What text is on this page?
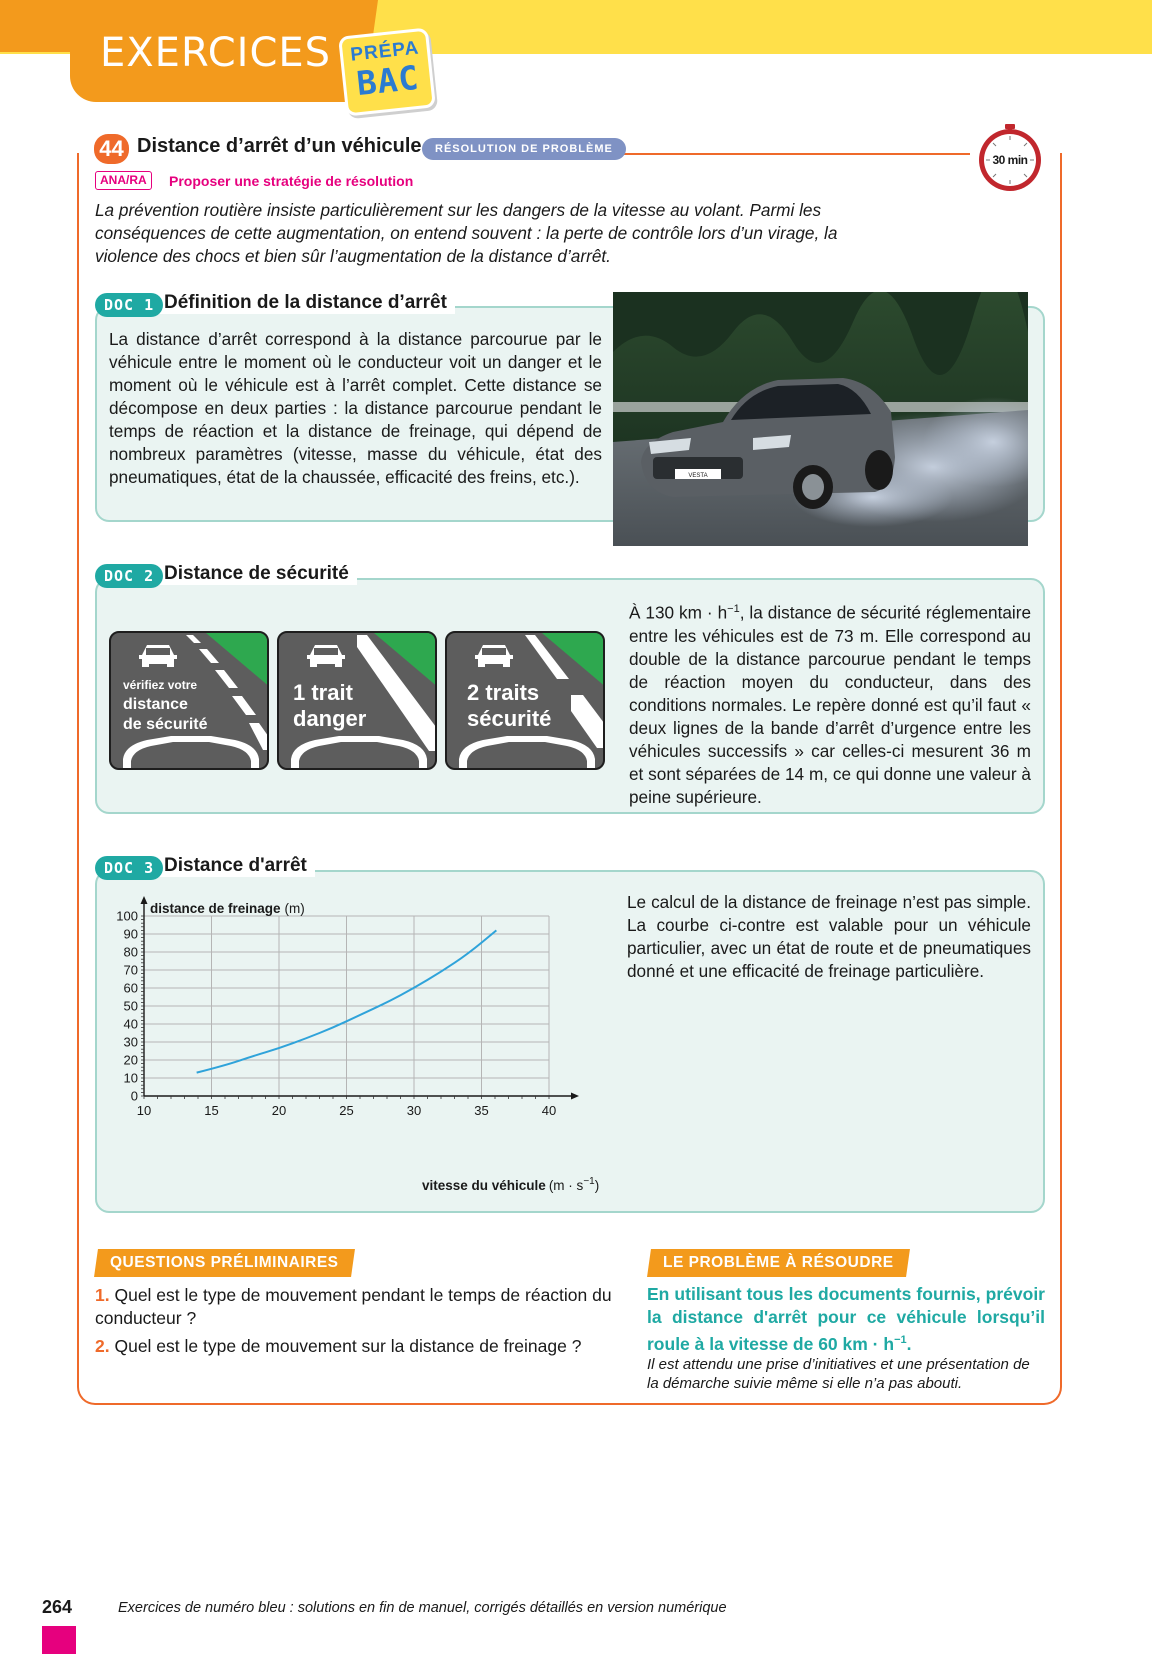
EXERCICES PRÉPA
BAC
44 Distance d’arrêt d’un véhicule	RÉSOLUTION DE PROBLÈME
30 min
ANA/RA	Proposer une stratégie de résolution
La prévention routière insiste particulièrement sur les dangers de la vitesse au volant. Parmi les conséquences de cette augmentation, on entend souvent : la perte de contrôle lors d’un virage, la violence des chocs et bien sûr l’augmentation de la distance d’arrêt.
Définition de la distance d’arrêt
DOC 1
La distance d’arrêt correspond à la distance parcourue par le véhicule entre le moment où le conducteur voit un danger et le moment où le véhicule est à l’arrêt complet. Cette distance se décompose en deux parties : la distance parcourue pendant le temps de réaction et la distance de freinage, qui dépend de nombreux paramètres (vitesse, masse du véhicule, état des pneumatiques, état de la chaussée, efficacité des freins, etc.).	VESTA
Distance de sécurité
DOC 2
vérifiez votre
distance
de sécurité
1 trait
danger
2 traits
sécurité
À 130 km · $h^{-1}$, la distance de sécurité réglementaire entre les véhicules est de 73 m. Elle correspond au double de la distance parcourue pendant le temps de réaction moyen du conducteur, dans des conditions normales. Le repère donné est qu’il faut « deux lignes de la bande d’arrêt d’urgence entre les véhicules successifs » car celles-ci mesurent 36 m et sont séparées de 14 m, ce qui donne une valeur à peine supérieure.
Distance d'arrêt
DOC 3
Le calcul de la distance de freinage n’est pas simple. La courbe ci-contre est valable pour un véhicule particulier, avec un état de route et de pneumatiques donné et une efficacité de freinage particulière.
10	15	20	25	30	35	40
0
10
20
30
40
50
60
70
80
90
100 distance de freinage (m)
vitesse du véhicule $(m \cdot s^{-1})$
QUESTIONS PRÉLIMINAIRES
1. Quel est le type de mouvement pendant le temps de réaction du conducteur ?
2. Quel est le type de mouvement sur la distance de freinage ?
LE PROBLÈME À RÉSOUDRE
En utilisant tous les documents fournis, prévoir la distance d'arrêt pour ce véhicule lorsqu’il roule à la vitesse de 60 km · $h^{-1}$.
Il est attendu une prise d’initiatives et une présentation de la démarche suivie même si elle n’a pas abouti.
264	Exercices de numéro bleu : solutions en fin de manuel, corrigés détaillés en version numérique
